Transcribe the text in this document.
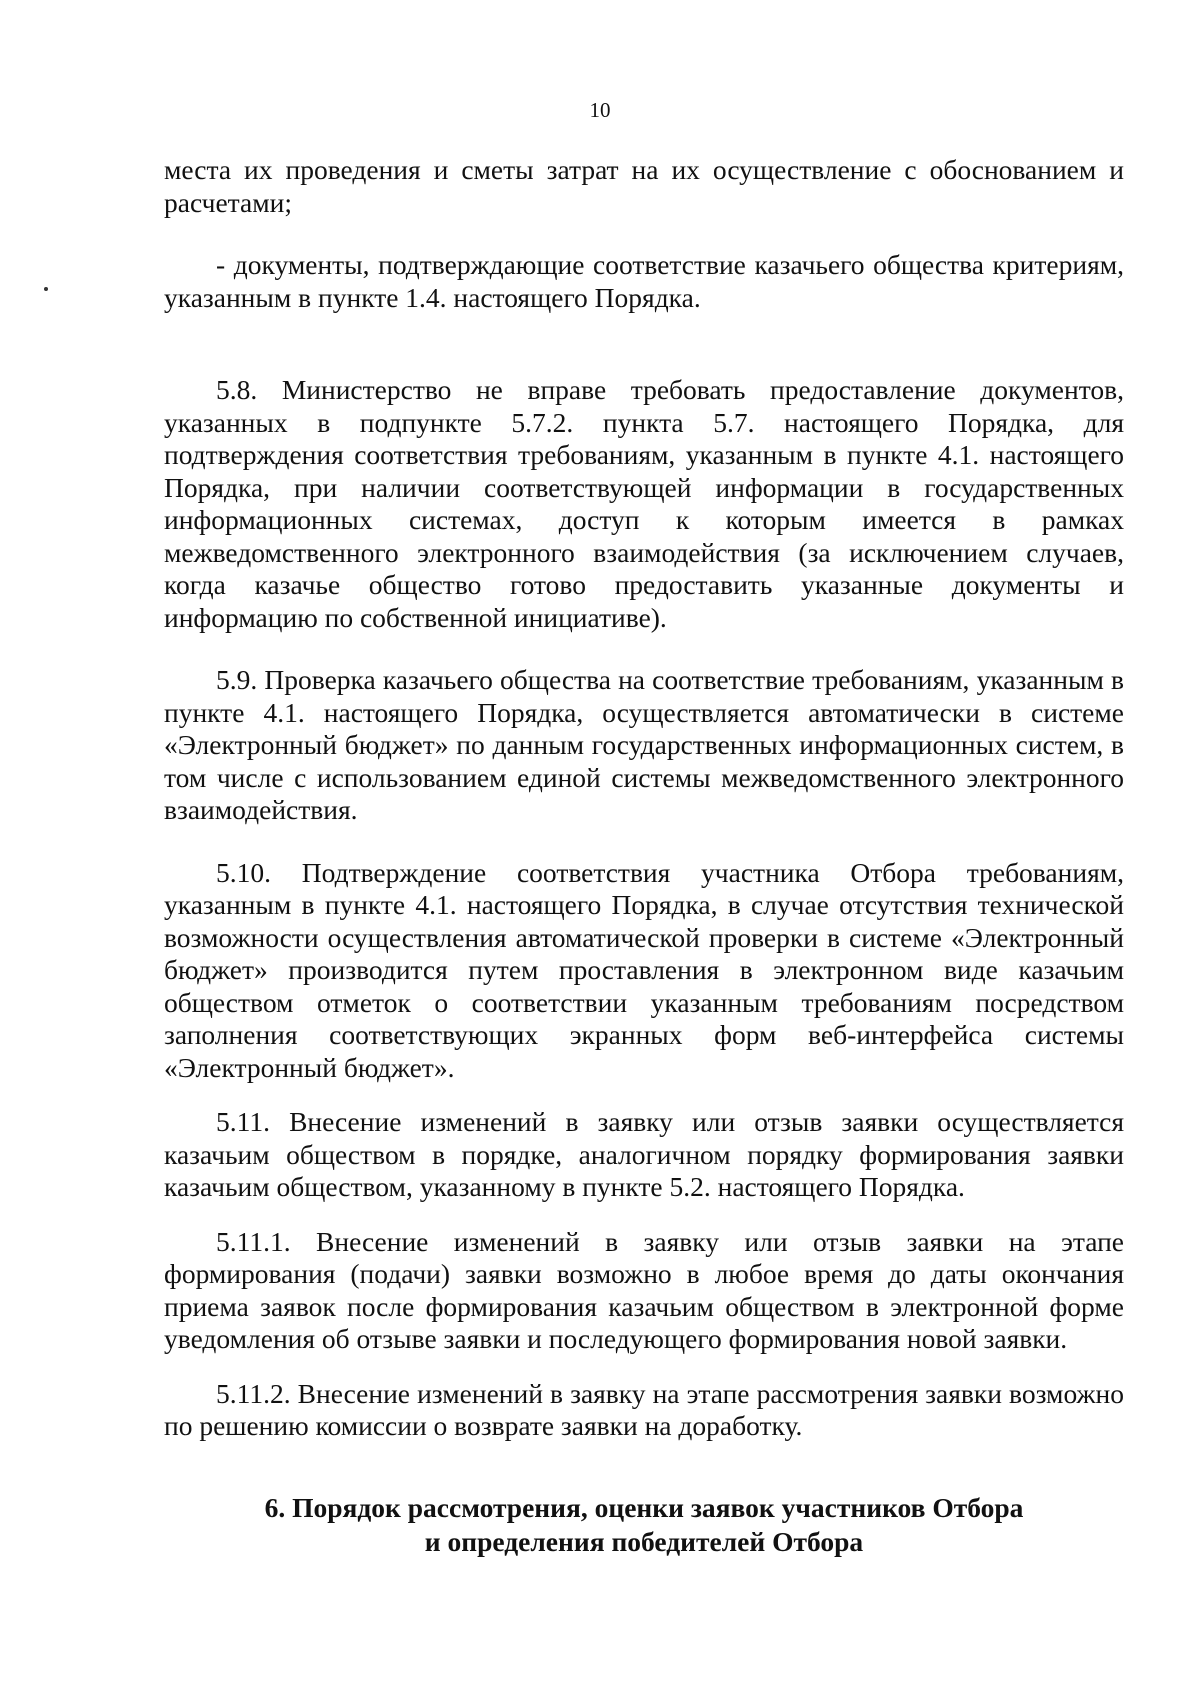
10

места их проведения и сметы затрат на их осуществление с обоснованием и расчетами;

- документы, подтверждающие соответствие казачьего общества критериям, указанным в пункте 1.4. настоящего Порядка.

5.8. Министерство не вправе требовать предоставление документов, указанных в подпункте 5.7.2. пункта 5.7. настоящего Порядка, для подтверждения соответствия требованиям, указанным в пункте 4.1. настоящего Порядка, при наличии соответствующей информации в государственных информационных системах, доступ к которым имеется в рамках межведомственного электронного взаимодействия (за исключением случаев, когда казачье общество готово предоставить указанные документы и информацию по собственной инициативе).

5.9. Проверка казачьего общества на соответствие требованиям, указанным в пункте 4.1. настоящего Порядка, осуществляется автоматически в системе «Электронный бюджет» по данным государственных информационных систем, в том числе с использованием единой системы межведомственного электронного взаимодействия.

5.10. Подтверждение соответствия участника Отбора требованиям, указанным в пункте 4.1. настоящего Порядка, в случае отсутствия технической возможности осуществления автоматической проверки в системе «Электронный бюджет» производится путем проставления в электронном виде казачьим обществом отметок о соответствии указанным требованиям посредством заполнения соответствующих экранных форм веб-интерфейса системы «Электронный бюджет».

5.11. Внесение изменений в заявку или отзыв заявки осуществляется казачьим обществом в порядке, аналогичном порядку формирования заявки казачьим обществом, указанному в пункте 5.2. настоящего Порядка.

5.11.1. Внесение изменений в заявку или отзыв заявки на этапе формирования (подачи) заявки возможно в любое время до даты окончания приема заявок после формирования казачьим обществом в электронной форме уведомления об отзыве заявки и последующего формирования новой заявки.

5.11.2. Внесение изменений в заявку на этапе рассмотрения заявки возможно по решению комиссии о возврате заявки на доработку.

6. Порядок рассмотрения, оценки заявок участников Отбора
и определения победителей Отбора
